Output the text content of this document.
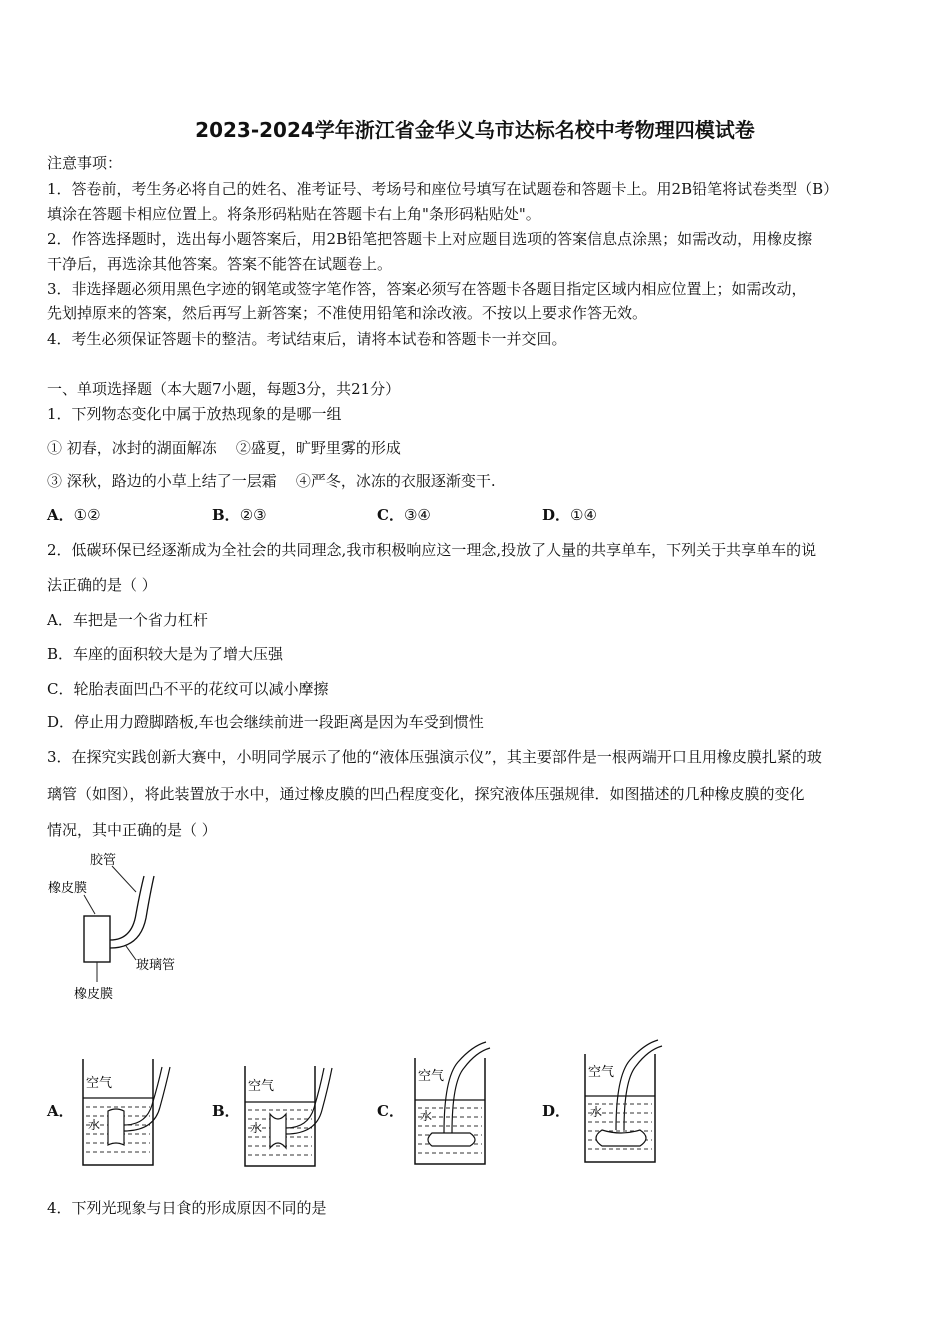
2023-2024学年浙江省金华义乌市达标名校中考物理四模试卷
注意事项：
1．答卷前，考生务必将自己的姓名、准考证号、考场号和座位号填写在试题卷和答题卡上。用2B铅笔将试卷类型（B）
填涂在答题卡相应位置上。将条形码粘贴在答题卡右上角"条形码粘贴处"。
2．作答选择题时，选出每小题答案后，用2B铅笔把答题卡上对应题目选项的答案信息点涂黑；如需改动，用橡皮擦
干净后，再选涂其他答案。答案不能答在试题卷上。
3．非选择题必须用黑色字迹的钢笔或签字笔作答，答案必须写在答题卡各题目指定区域内相应位置上；如需改动，
先划掉原来的答案，然后再写上新答案；不准使用铅笔和涂改液。不按以上要求作答无效。
4．考生必须保证答题卡的整洁。考试结束后，请将本试卷和答题卡一并交回。
一、单项选择题（本大题7小题，每题3分，共21分）
1．下列物态变化中属于放热现象的是哪一组
① 初春，冰封的湖面解冻    ②盛夏，旷野里雾的形成
③ 深秋，路边的小草上结了一层霜    ④严冬，冰冻的衣服逐渐变干.
A．①②	B．②③	C．③④	D．①④
2．低碳环保已经逐渐成为全社会的共同理念,我市积极响应这一理念,投放了人量的共享单车，下列关于共享单车的说
法正确的是（ ）
A．车把是一个省力杠杆
B．车座的面积较大是为了增大压强
C．轮胎表面凹凸不平的花纹可以减小摩擦
D．停止用力蹬脚踏板,车也会继续前进一段距离是因为车受到惯性
3．在探究实践创新大赛中，小明同学展示了他的“液体压强演示仪”，其主要部件是一根两端开口且用橡皮膜扎紧的玻
璃管（如图），将此装置放于水中，通过橡皮膜的凹凸程度变化，探究液体压强规律．如图描述的几种橡皮膜的变化
情况，其中正确的是（ ）
胶管
橡皮膜
玻璃管
橡皮膜
A．	B．	C．	D．
空气
水
空气
水
空气
水
空气
水
4．下列光现象与日食的形成原因不同的是
